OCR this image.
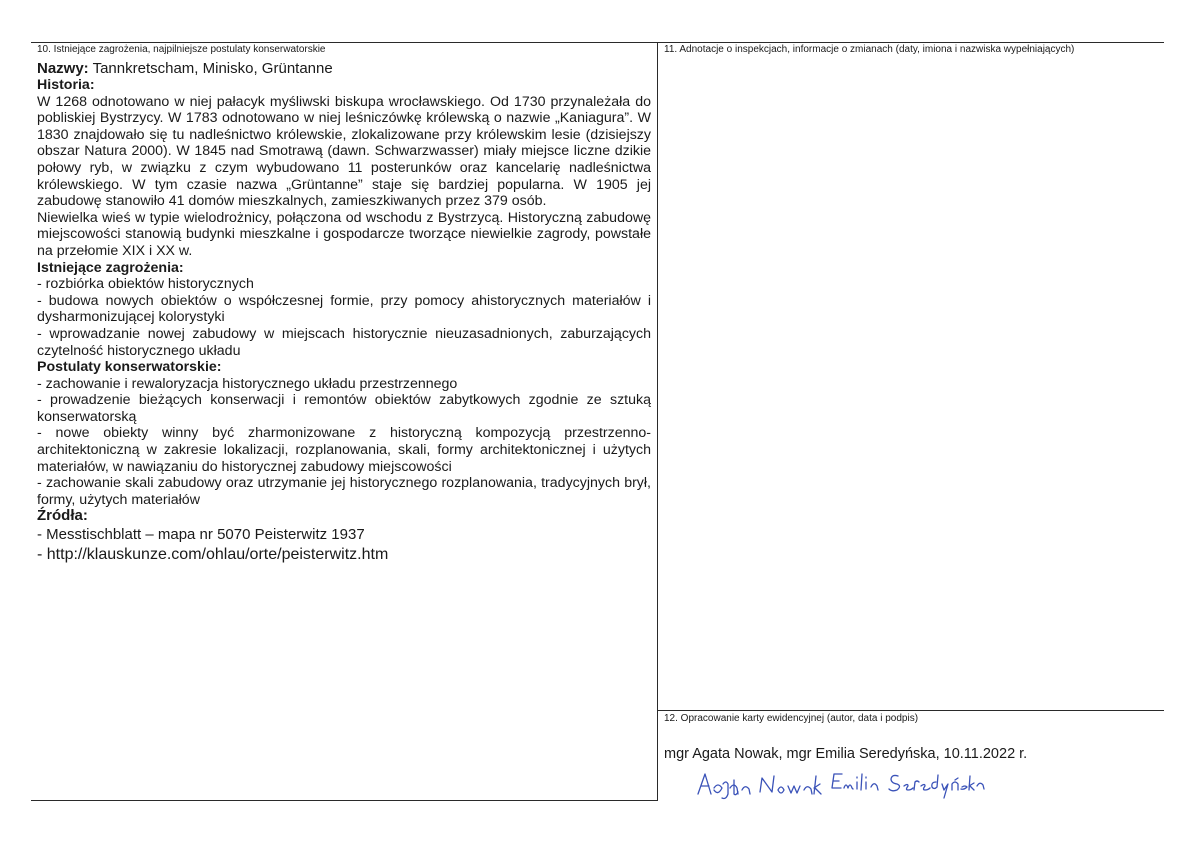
10. Istniejące zagrożenia, najpilniejsze postulaty konserwatorskie	11. Adnotacje o inspekcjach, informacje o zmianach (daty, imiona i nazwiska wypełniających)
12. Opracowanie karty ewidencyjnej (autor, data i podpis)

Nazwy: Tannkretscham, Minisko, Grüntanne

Historia:

W 1268 odnotowano w niej pałacyk myśliwski biskupa wrocławskiego. Od 1730 przynależała do pobliskiej Bystrzycy. W 1783 odnotowano w niej leśniczówkę królewską o nazwie „Kaniagura”. W 1830 znajdowało się tu nadleśnictwo królewskie, zlokalizowane przy królewskim lesie (dzisiejszy obszar Natura 2000). W 1845 nad Smotrawą (dawn. Schwarzwasser) miały miejsce liczne dzikie połowy ryb, w związku z czym wybudowano 11 posterunków oraz kancelarię nadleśnictwa królewskiego. W tym czasie nazwa „Grüntanne” staje się bardziej popularna. W 1905 jej zabudowę stanowiło 41 domów mieszkalnych, zamieszkiwanych przez 379 osób.

Niewielka wieś w typie wielodrożnicy, połączona od wschodu z Bystrzycą. Historyczną zabudowę miejscowości stanowią budynki mieszkalne i gospodarcze tworzące niewielkie zagrody, powstałe na przełomie XIX i XX w.

Istniejące zagrożenia:

- rozbiórka obiektów historycznych

- budowa nowych obiektów o współczesnej formie, przy pomocy ahistorycznych materiałów i dysharmonizującej kolorystyki

- wprowadzanie nowej zabudowy w miejscach historycznie nieuzasadnionych, zaburzających czytelność historycznego układu

Postulaty konserwatorskie:

- zachowanie i rewaloryzacja historycznego układu przestrzennego

- prowadzenie bieżących konserwacji i remontów obiektów zabytkowych zgodnie ze sztuką konserwatorską

- nowe obiekty winny być zharmonizowane z historyczną kompozycją przestrzenno-architektoniczną w zakresie lokalizacji, rozplanowania, skali, formy architektonicznej i użytych materiałów, w nawiązaniu do historycznej zabudowy miejscowości

- zachowanie skali zabudowy oraz utrzymanie jej historycznego rozplanowania, tradycyjnych brył, formy, użytych materiałów

Źródła:

- Messtischblatt – mapa nr 5070 Peisterwitz 1937

- http://klauskunze.com/ohlau/orte/peisterwitz.htm

mgr Agata Nowak, mgr Emilia Seredyńska, 10.11.2022 r.
